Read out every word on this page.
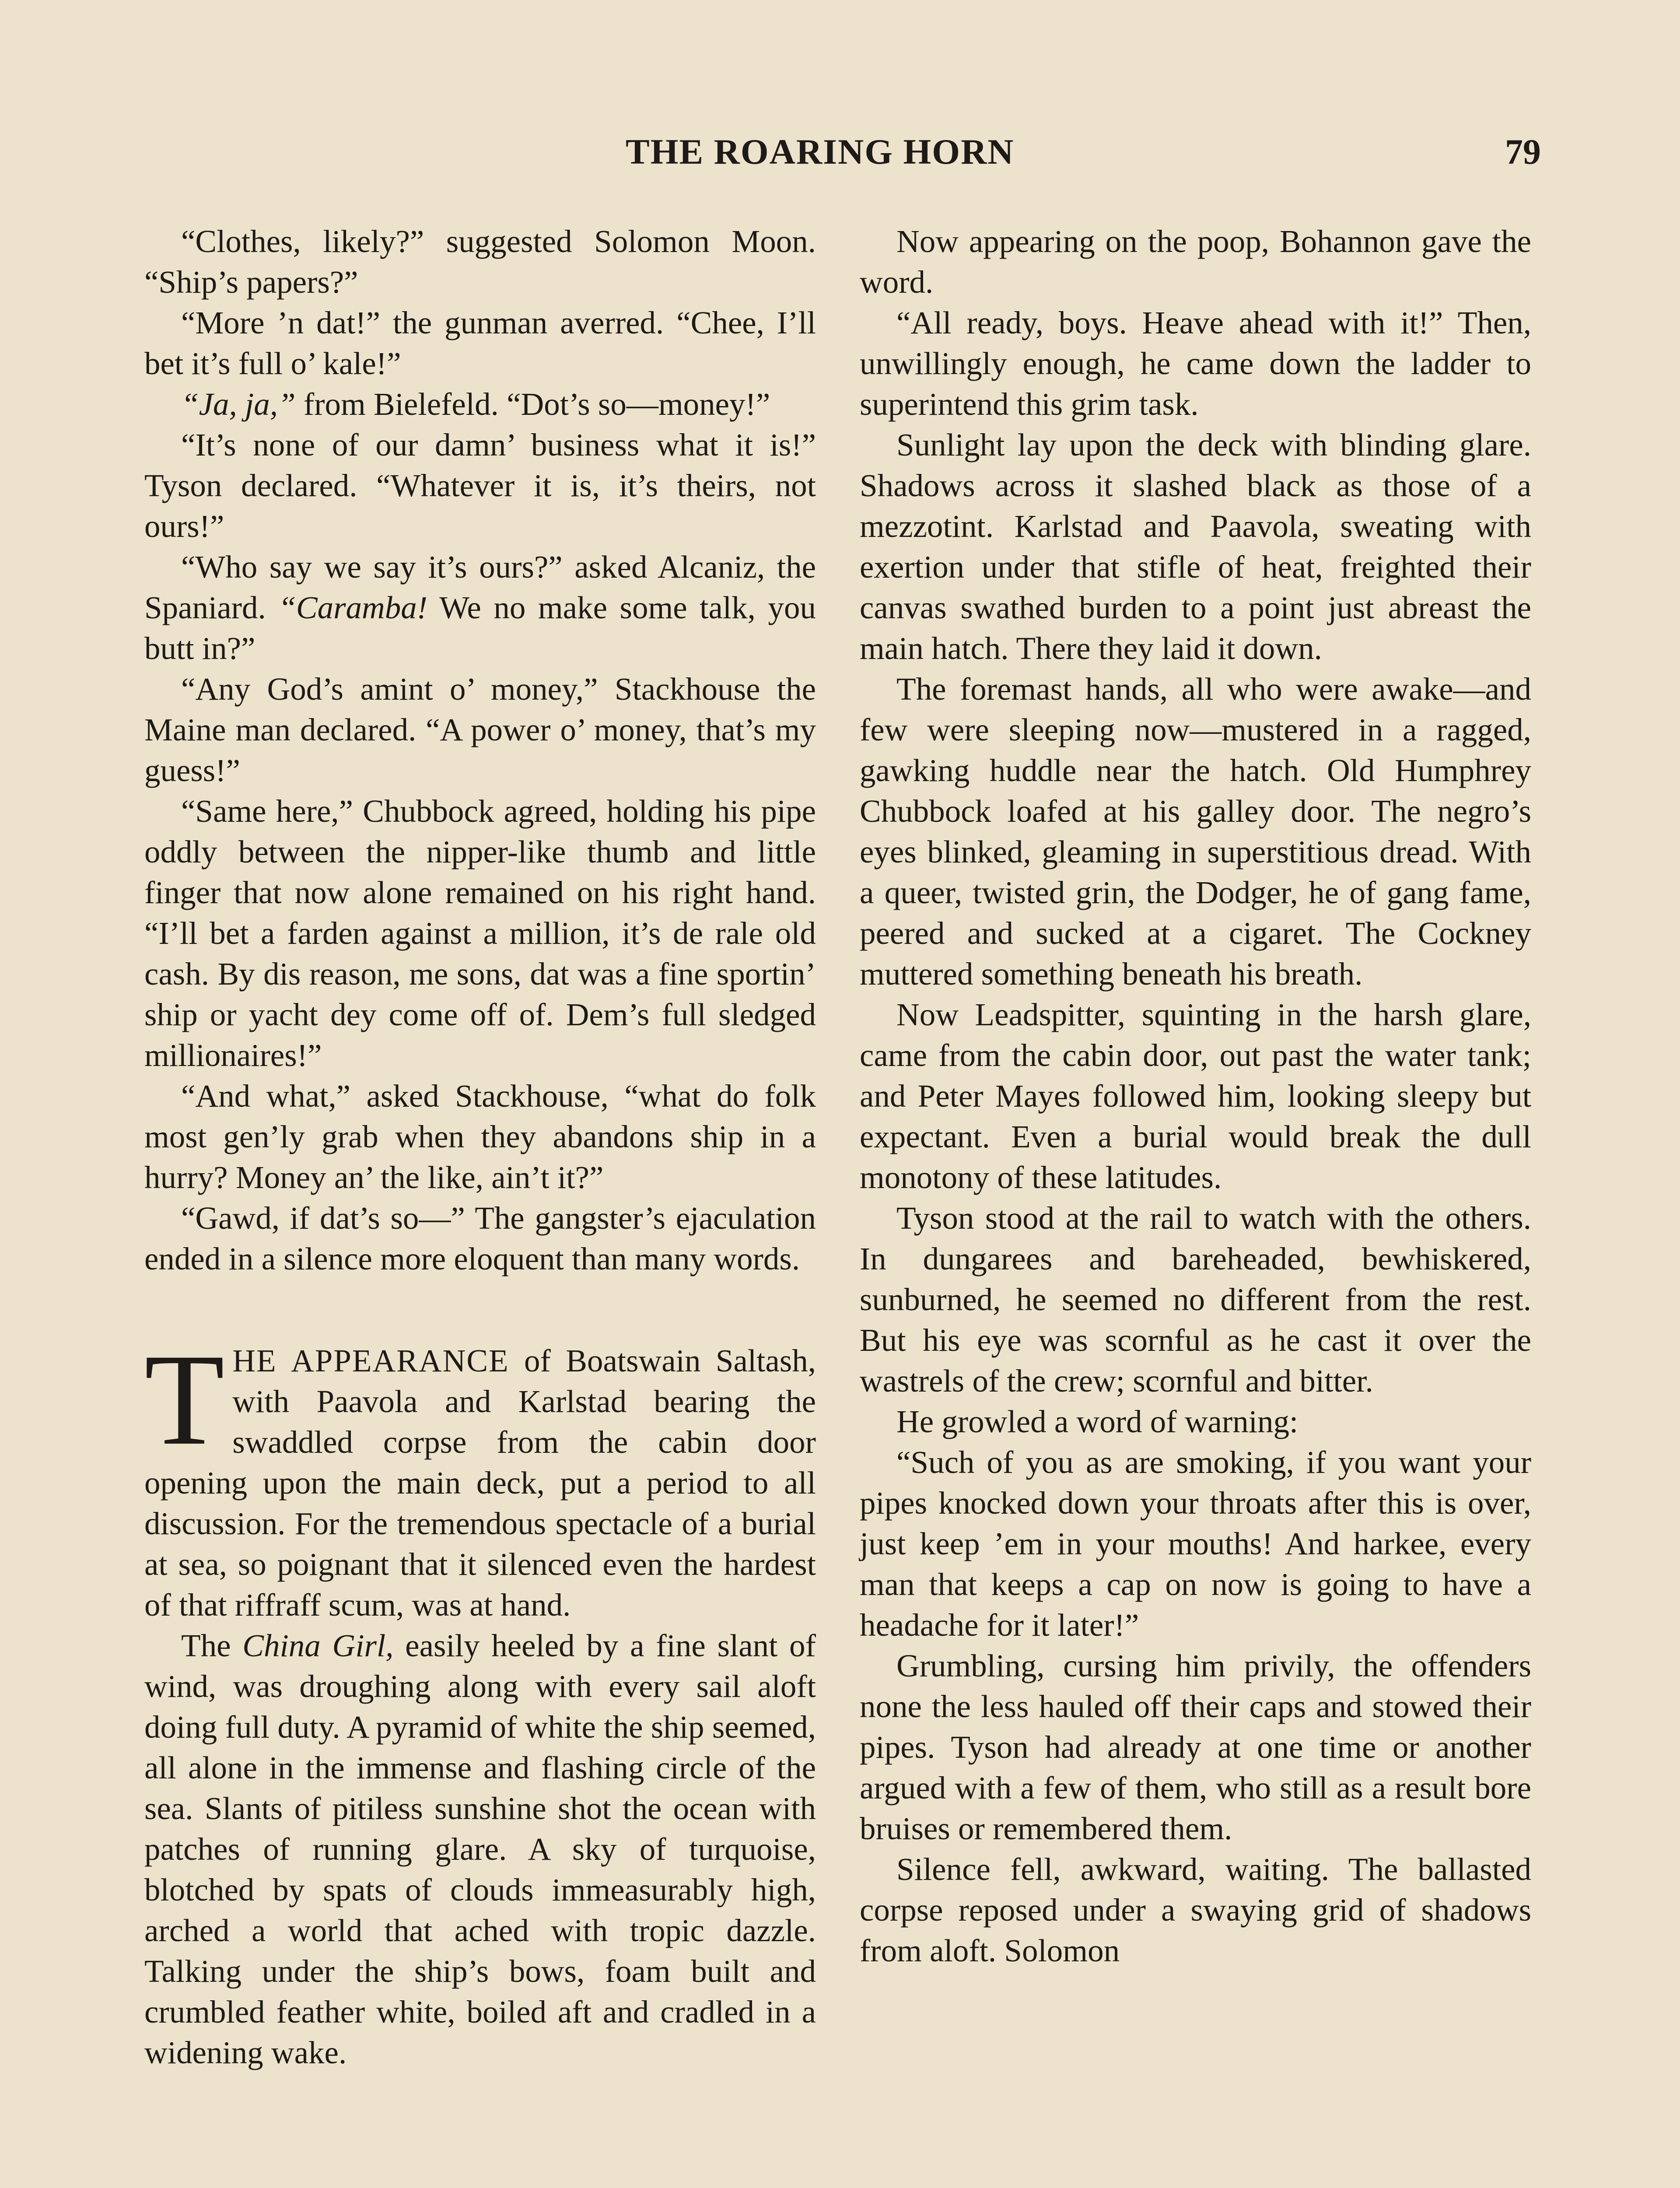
THE ROARING HORN	79

“Clothes, likely?” suggested Solomon Moon. “Ship’s papers?”

“More ’n dat!” the gunman averred. “Chee, I’ll bet it’s full o’ kale!”

“Ja, ja,” from Bielefeld. “Dot’s so—money!”

“It’s none of our damn’ business what it is!” Tyson declared. “Whatever it is, it’s theirs, not ours!”

“Who say we say it’s ours?” asked Alcaniz, the Spaniard. “Caramba! We no make some talk, you butt in?”

“Any God’s amint o’ money,” Stackhouse the Maine man declared. “A power o’ money, that’s my guess!”

“Same here,” Chubbock agreed, holding his pipe oddly between the nipper-like thumb and little finger that now alone remained on his right hand. “I’ll bet a farden against a million, it’s de rale old cash. By dis reason, me sons, dat was a fine sportin’ ship or yacht dey come off of. Dem’s full sledged millionaires!”

“And what,” asked Stackhouse, “what do folk most gen’ly grab when they abandons ship in a hurry? Money an’ the like, ain’t it?”

“Gawd, if dat’s so—” The gangster’s ejaculation ended in a silence more eloquent than many words.

THE APPEARANCE of Boatswain Saltash, with Paavola and Karlstad bearing the swaddled corpse from the cabin door opening upon the main deck, put a period to all discussion. For the tremendous spectacle of a burial at sea, so poignant that it silenced even the hardest of that riffraff scum, was at hand.

The China Girl, easily heeled by a fine slant of wind, was droughing along with every sail aloft doing full duty. A pyramid of white the ship seemed, all alone in the immense and flashing circle of the sea. Slants of pitiless sunshine shot the ocean with patches of running glare. A sky of turquoise, blotched by spats of clouds immeasurably high, arched a world that ached with tropic dazzle. Talking under the ship’s bows, foam built and crumbled feather white, boiled aft and cradled in a widening wake.

Now appearing on the poop, Bohannon gave the word.

“All ready, boys. Heave ahead with it!” Then, unwillingly enough, he came down the ladder to superintend this grim task.

Sunlight lay upon the deck with blinding glare. Shadows across it slashed black as those of a mezzotint. Karlstad and Paavola, sweating with exertion under that stifle of heat, freighted their canvas swathed burden to a point just abreast the main hatch. There they laid it down.

The foremast hands, all who were awake—and few were sleeping now—mustered in a ragged, gawking huddle near the hatch. Old Humphrey Chubbock loafed at his galley door. The negro’s eyes blinked, gleaming in superstitious dread. With a queer, twisted grin, the Dodger, he of gang fame, peered and sucked at a cigaret. The Cockney muttered something beneath his breath.

Now Leadspitter, squinting in the harsh glare, came from the cabin door, out past the water tank; and Peter Mayes followed him, looking sleepy but expectant. Even a burial would break the dull monotony of these latitudes.

Tyson stood at the rail to watch with the others. In dungarees and bareheaded, bewhiskered, sunburned, he seemed no different from the rest. But his eye was scornful as he cast it over the wastrels of the crew; scornful and bitter.

He growled a word of warning:

“Such of you as are smoking, if you want your pipes knocked down your throats after this is over, just keep ’em in your mouths! And harkee, every man that keeps a cap on now is going to have a headache for it later!”

Grumbling, cursing him privily, the offenders none the less hauled off their caps and stowed their pipes. Tyson had already at one time or another argued with a few of them, who still as a result bore bruises or remembered them.

Silence fell, awkward, waiting. The ballasted corpse reposed under a swaying grid of shadows from aloft. Solomon
